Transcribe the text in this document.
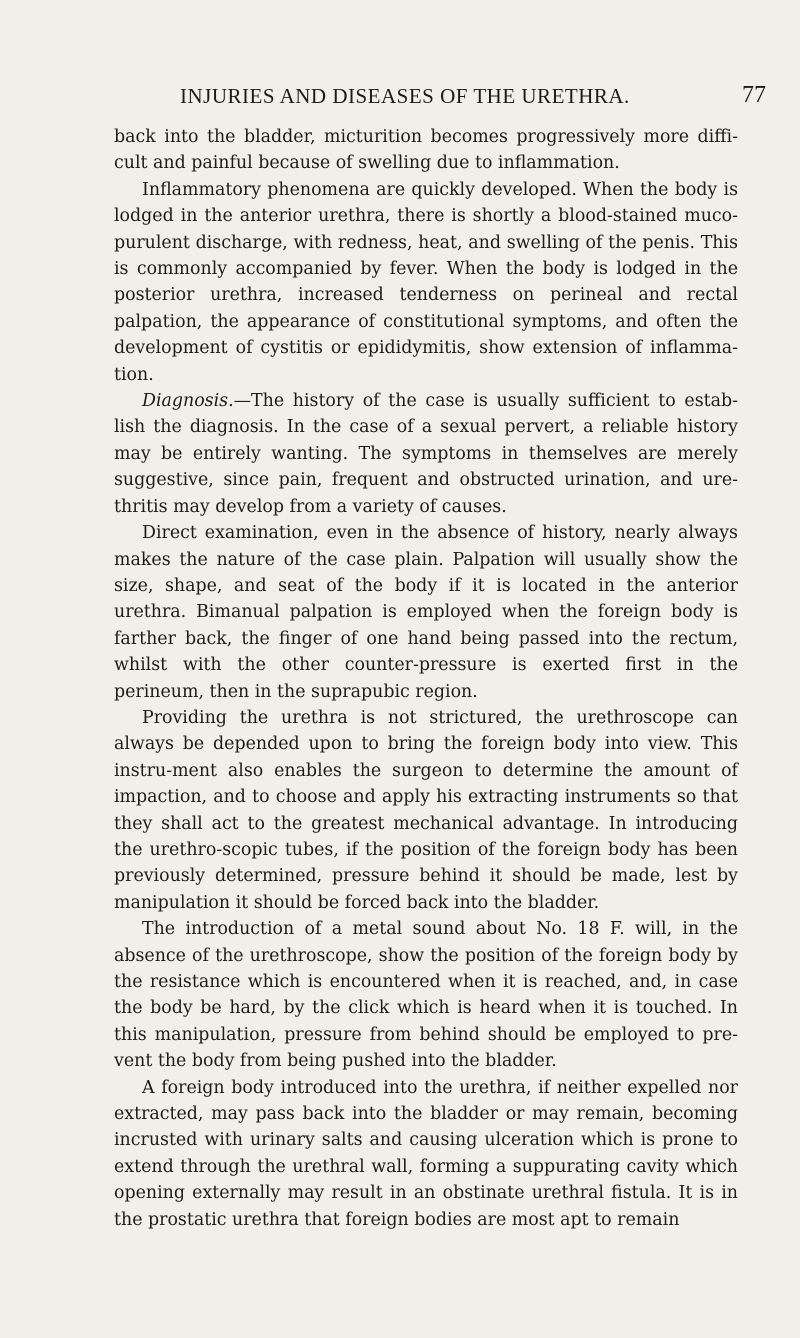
INJURIES AND DISEASES OF THE URETHRA.	77

back into the bladder, micturition becomes progressively more diffi-cult and painful because of swelling due to inflammation.

Inflammatory phenomena are quickly developed. When the body is lodged in the anterior urethra, there is shortly a blood-stained muco-purulent discharge, with redness, heat, and swelling of the penis. This is commonly accompanied by fever. When the body is lodged in the posterior urethra, increased tenderness on perineal and rectal palpation, the appearance of constitutional symptoms, and often the development of cystitis or epididymitis, show extension of inflamma-tion.

Diagnosis.—The history of the case is usually sufficient to estab-lish the diagnosis. In the case of a sexual pervert, a reliable history may be entirely wanting. The symptoms in themselves are merely suggestive, since pain, frequent and obstructed urination, and ure-thritis may develop from a variety of causes.

Direct examination, even in the absence of history, nearly always makes the nature of the case plain. Palpation will usually show the size, shape, and seat of the body if it is located in the anterior urethra. Bimanual palpation is employed when the foreign body is farther back, the finger of one hand being passed into the rectum, whilst with the other counter-pressure is exerted first in the perineum, then in the suprapubic region.

Providing the urethra is not strictured, the urethroscope can always be depended upon to bring the foreign body into view. This instru-ment also enables the surgeon to determine the amount of impaction, and to choose and apply his extracting instruments so that they shall act to the greatest mechanical advantage. In introducing the urethro-scopic tubes, if the position of the foreign body has been previously determined, pressure behind it should be made, lest by manipulation it should be forced back into the bladder.

The introduction of a metal sound about No. 18 F. will, in the absence of the urethroscope, show the position of the foreign body by the resistance which is encountered when it is reached, and, in case the body be hard, by the click which is heard when it is touched. In this manipulation, pressure from behind should be employed to pre-vent the body from being pushed into the bladder.

A foreign body introduced into the urethra, if neither expelled nor extracted, may pass back into the bladder or may remain, becoming incrusted with urinary salts and causing ulceration which is prone to extend through the urethral wall, forming a suppurating cavity which opening externally may result in an obstinate urethral fistula. It is in the prostatic urethra that foreign bodies are most apt to remain
